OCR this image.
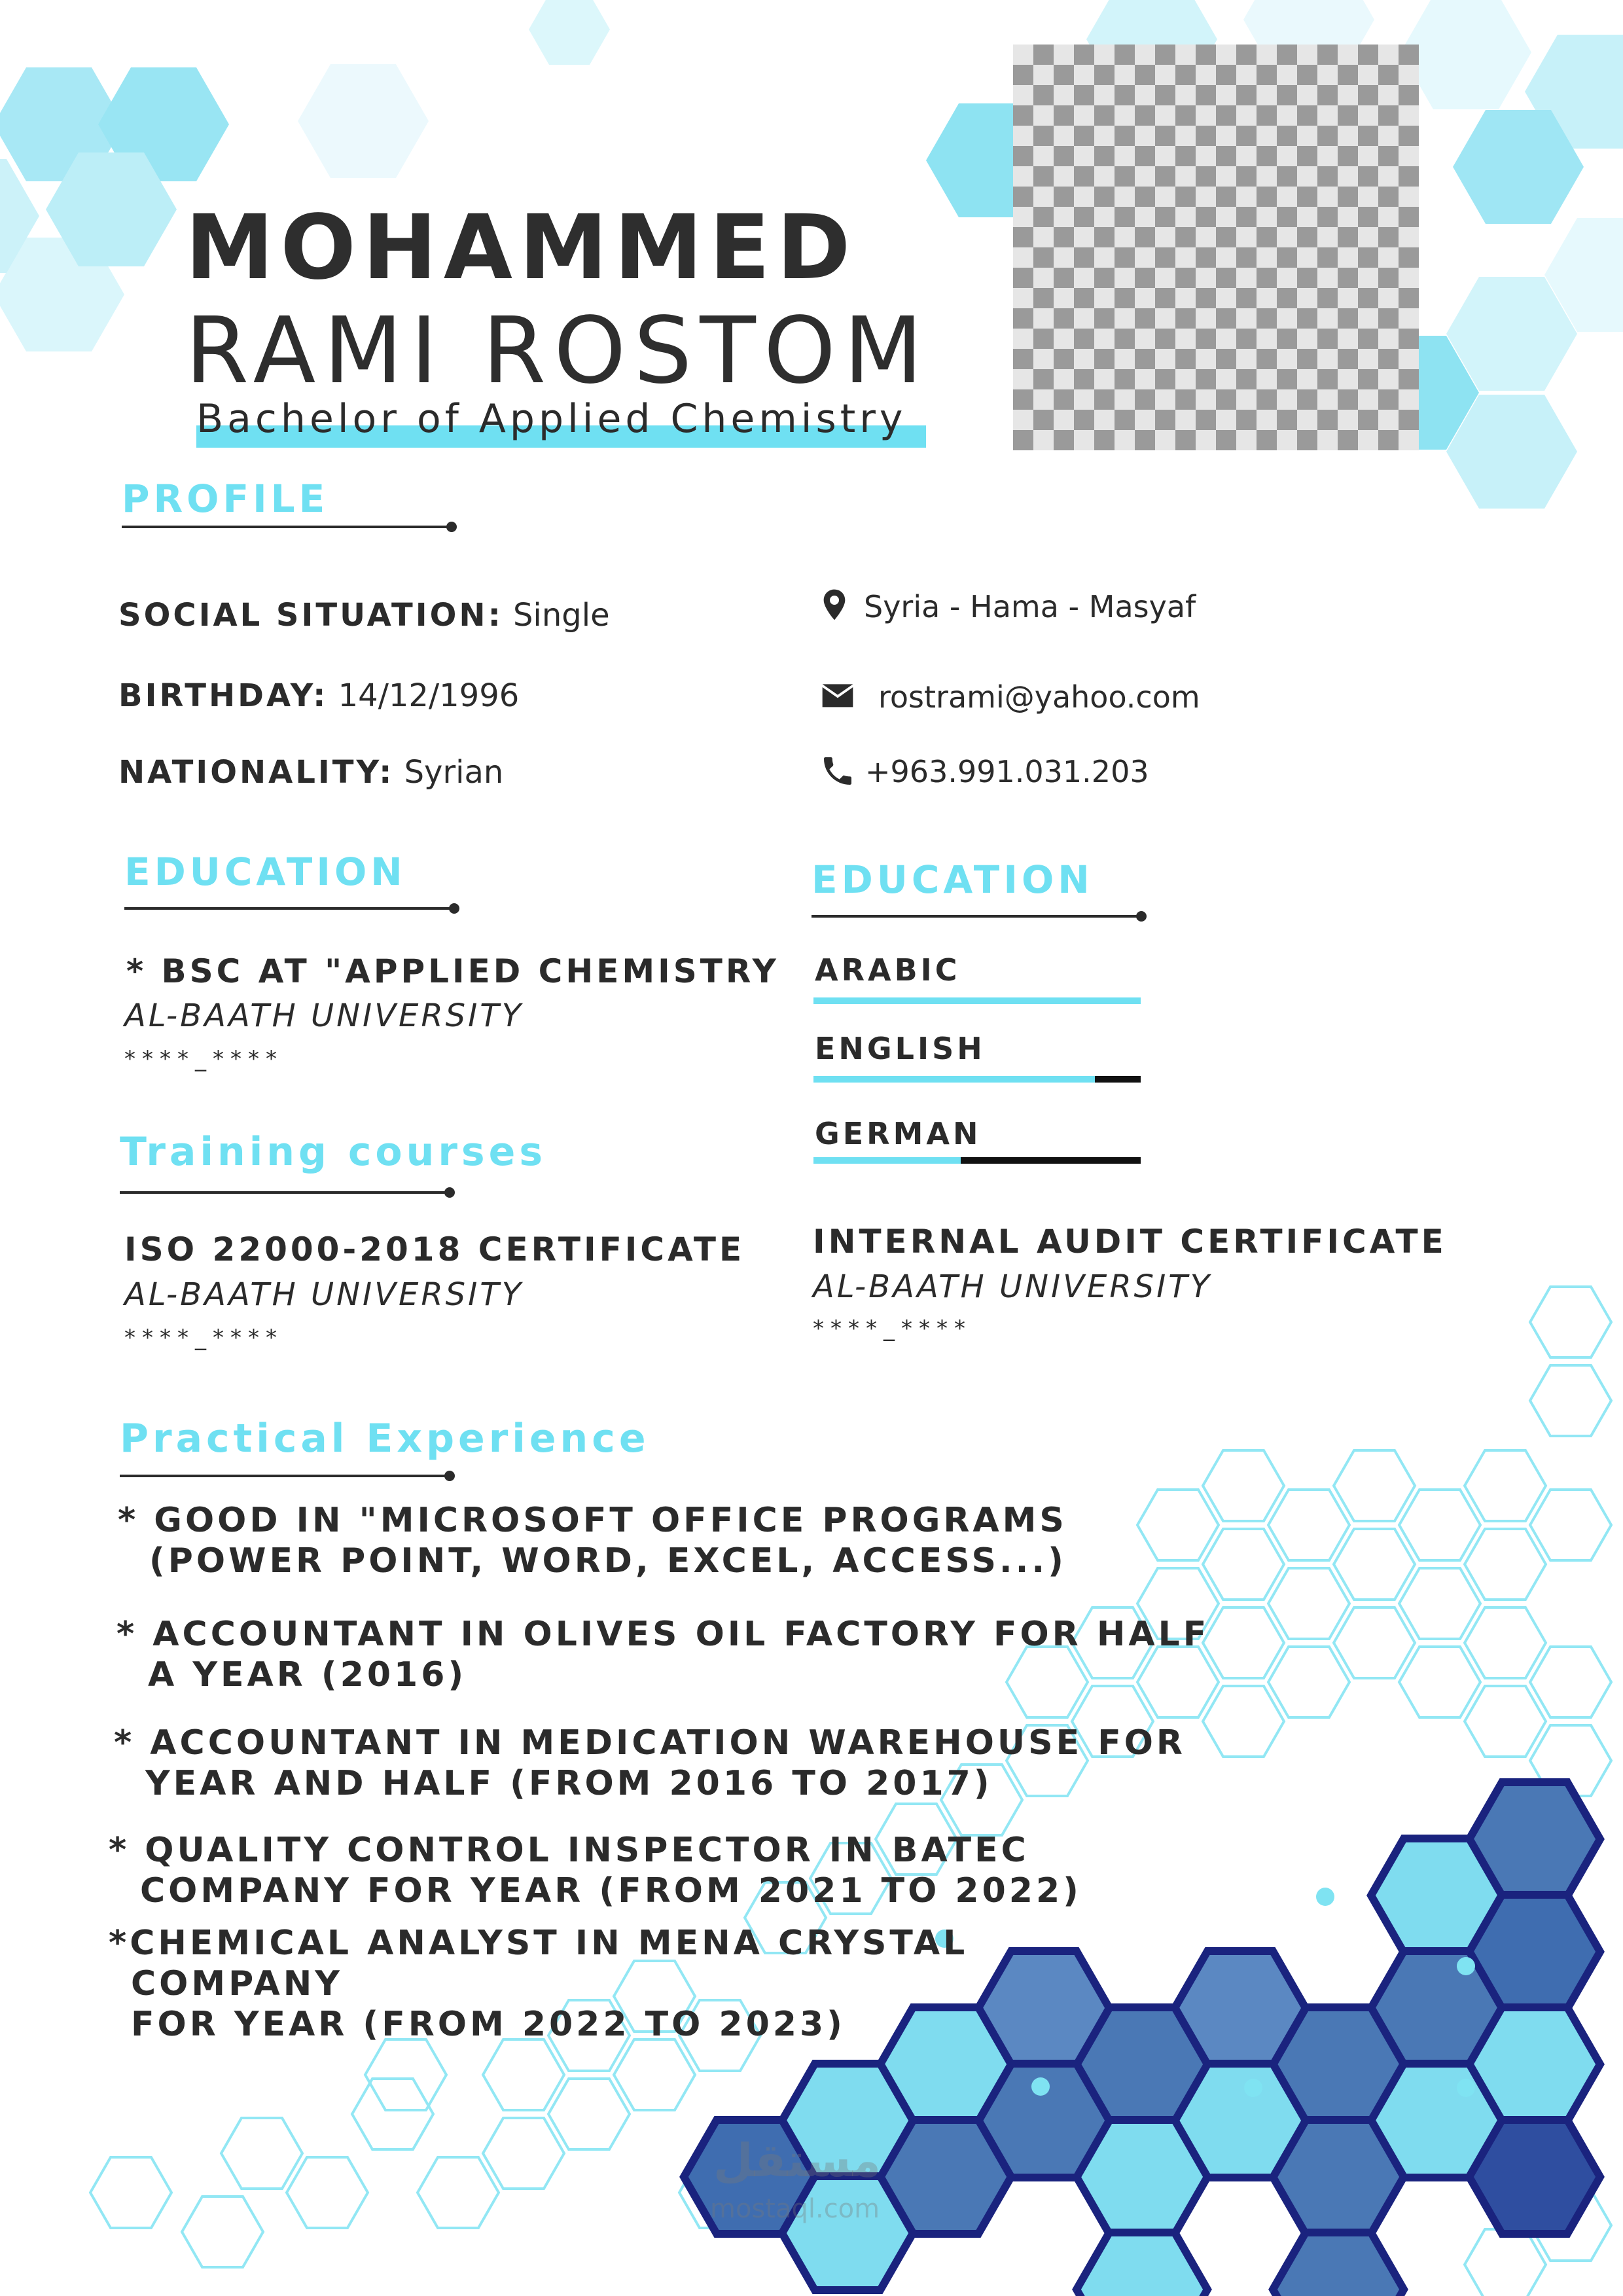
MOHAMMED
RAMI ROSTOM
Bachelor of Applied Chemistry
PROFILE
SOCIAL SITUATION: Single
BIRTHDAY: 14/12/1996
NATIONALITY: Syrian
Syria - Hama - Masyaf
rostrami@yahoo.com
+963.991.031.203
EDUCATION
* BSC AT "APPLIED CHEMISTRY
AL-BAATH UNIVERSITY
****_****
EDUCATION
ARABIC
ENGLISH
GERMAN
Training courses
ISO 22000-2018 CERTIFICATE
AL-BAATH UNIVERSITY
****_****
INTERNAL AUDIT CERTIFICATE
AL-BAATH UNIVERSITY
****_****
Practical Experience
* GOOD IN "MICROSOFT OFFICE PROGRAMS
(POWER POINT, WORD, EXCEL, ACCESS...)
* ACCOUNTANT IN OLIVES OIL FACTORY FOR HALF
A YEAR (2016)
* ACCOUNTANT IN MEDICATION WAREHOUSE FOR
YEAR AND HALF (FROM 2016 TO 2017)
* QUALITY CONTROL INSPECTOR IN BATEC
COMPANY FOR YEAR (FROM 2021 TO 2022)
*CHEMICAL ANALYST IN MENA CRYSTAL
COMPANY
FOR YEAR (FROM 2022 TO 2023)
مستقل
mostaql.com
